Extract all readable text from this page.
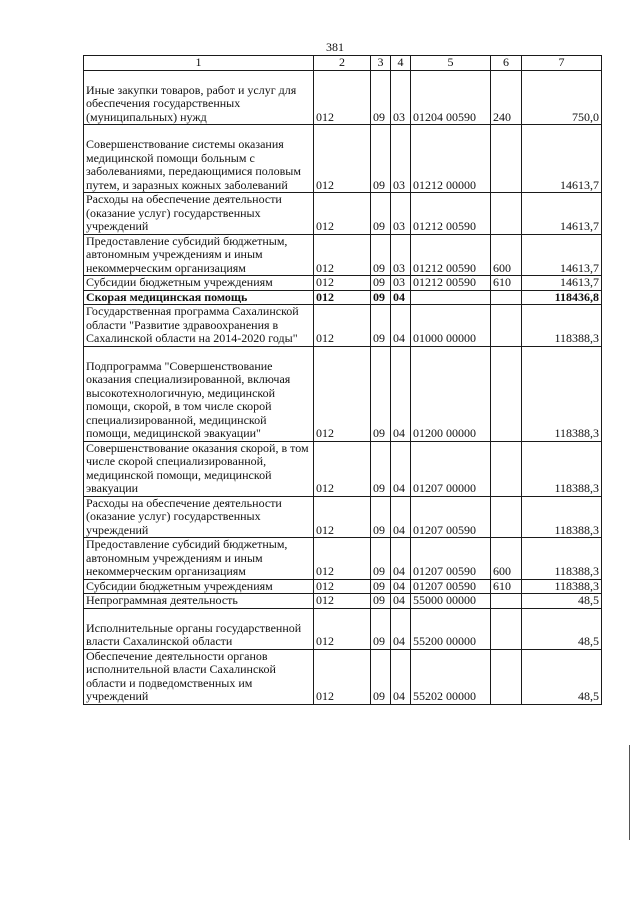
381
1	2	3	4	5	6	7
Иные закупки товаров, работ и услуг для обеспечения государственных (муниципальных) нужд	012	09	03	01204 00590	240	750,0
Совершенствование системы оказания медицинской помощи больным с заболеваниями, передающимися половым путем, и заразных кожных заболеваний	012	09	03	01212 00000		14613,7
Расходы на обеспечение деятельности (оказание услуг) государственных учреждений	012	09	03	01212 00590		14613,7
Предоставление субсидий бюджетным, автономным учреждениям и иным некоммерческим организациям	012	09	03	01212 00590	600	14613,7
Субсидии бюджетным учреждениям	012	09	03	01212 00590	610	14613,7
Скорая медицинская помощь	012	09	04			118436,8
Государственная программа Сахалинской области "Развитие здравоохранения в Сахалинской области на 2014-2020 годы"	012	09	04	01000 00000		118388,3
Подпрограмма "Совершенствование оказания специализированной, включая высокотехнологичную, медицинской помощи, скорой, в том числе скорой специализированной, медицинской помощи, медицинской эвакуации"	012	09	04	01200 00000		118388,3
Совершенствование оказания скорой, в том числе скорой специализированной, медицинской помощи, медицинской эвакуации	012	09	04	01207 00000		118388,3
Расходы на обеспечение деятельности (оказание услуг) государственных учреждений	012	09	04	01207 00590		118388,3
Предоставление субсидий бюджетным, автономным учреждениям и иным некоммерческим организациям	012	09	04	01207 00590	600	118388,3
Субсидии бюджетным учреждениям	012	09	04	01207 00590	610	118388,3
Непрограммная деятельность	012	09	04	55000 00000		48,5
Исполнительные органы государственной власти Сахалинской области	012	09	04	55200 00000		48,5
Обеспечение деятельности органов исполнительной власти Сахалинской области и подведомственных им учреждений	012	09	04	55202 00000		48,5
